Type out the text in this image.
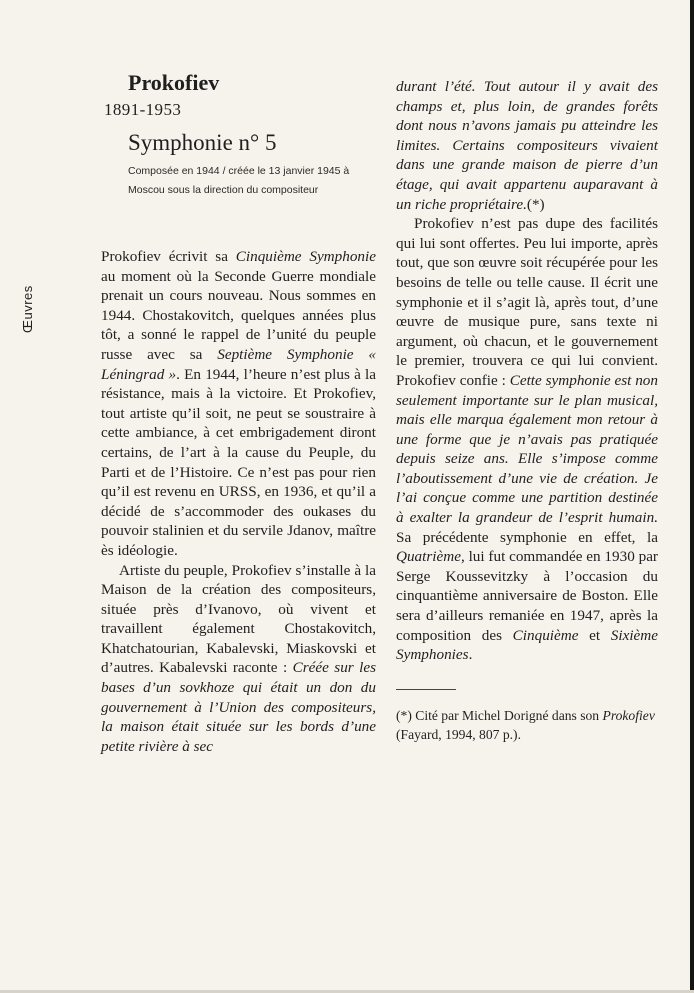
Œuvres
Prokofiev

1891-1953

Symphonie n° 5

Composée en 1944 / créée le 13 janvier 1945 à Moscou sous la direction du compositeur

Prokofiev écrivit sa Cinquième Symphonie au moment où la Seconde Guerre mondiale prenait un cours nouveau. Nous sommes en 1944. Chostakovitch, quelques années plus tôt, a sonné le rappel de l’unité du peuple russe avec sa Septième Symphonie « Léningrad ». En 1944, l’heure n’est plus à la résistance, mais à la victoire. Et Prokofiev, tout artiste qu’il soit, ne peut se soustraire à cette ambiance, à cet embrigadement diront certains, de l’art à la cause du Peuple, du Parti et de l’Histoire. Ce n’est pas pour rien qu’il est revenu en URSS, en 1936, et qu’il a décidé de s’accommoder des oukases du pouvoir stalinien et du servile Jdanov, maître ès idéologie.

Artiste du peuple, Prokofiev s’installe à la Maison de la création des compositeurs, située près d’Ivanovo, où vivent et travaillent également Chostakovitch, Khatchatourian, Kabalevski, Miaskovski et d’autres. Kabalevski raconte : Créée sur les bases d’un sovkhoze qui était un don du gouvernement à l’Union des compositeurs, la maison était située sur les bords d’une petite rivière à sec

durant l’été. Tout autour il y avait des champs et, plus loin, de grandes forêts dont nous n’avons jamais pu atteindre les limites. Certains compositeurs vivaient dans une grande maison de pierre d’un étage, qui avait appartenu auparavant à un riche propriétaire.(*)

Prokofiev n’est pas dupe des facilités qui lui sont offertes. Peu lui importe, après tout, que son œuvre soit récupérée pour les besoins de telle ou telle cause. Il écrit une symphonie et il s’agit là, après tout, d’une œuvre de musique pure, sans texte ni argument, où chacun, et le gouvernement le premier, trouvera ce qui lui convient. Prokofiev confie : Cette symphonie est non seulement importante sur le plan musical, mais elle marqua également mon retour à une forme que je n’avais pas pratiquée depuis seize ans. Elle s’impose comme l’aboutissement d’une vie de création. Je l’ai conçue comme une partition destinée à exalter la grandeur de l’esprit humain. Sa précédente symphonie en effet, la Quatrième, lui fut commandée en 1930 par Serge Koussevitzky à l’occasion du cinquantième anniversaire de Boston. Elle sera d’ailleurs remaniée en 1947, après la composition des Cinquième et Sixième Symphonies.

(*) Cité par Michel Dorigné dans son Prokofiev (Fayard, 1994, 807 p.).
